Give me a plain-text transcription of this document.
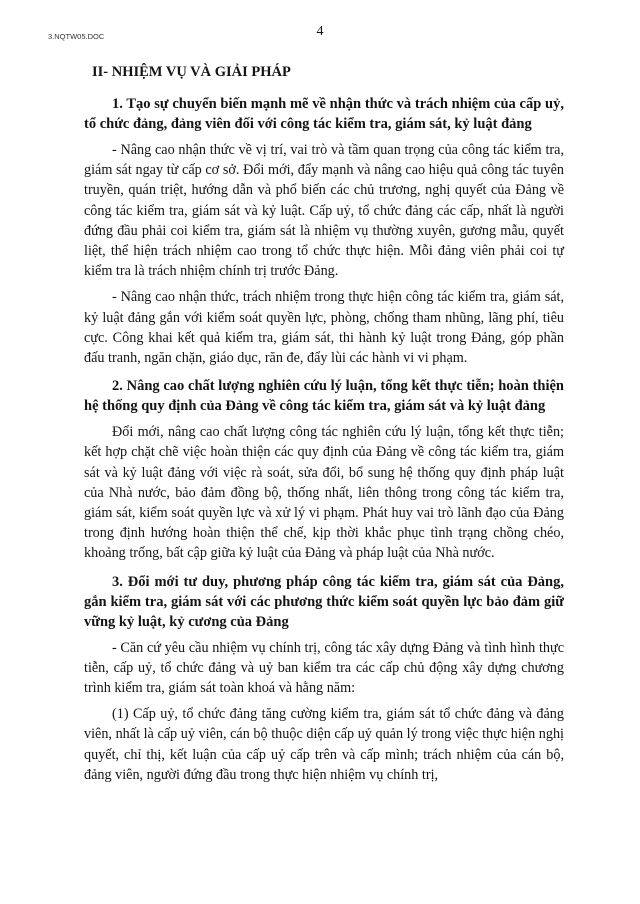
3.NQTW05.DOC	4
II- NHIỆM VỤ VÀ GIẢI PHÁP
1. Tạo sự chuyển biến mạnh mẽ về nhận thức và trách nhiệm của cấp uỷ, tổ chức đảng, đảng viên đối với công tác kiểm tra, giám sát, kỷ luật đảng
- Nâng cao nhận thức về vị trí, vai trò và tầm quan trọng của công tác kiểm tra, giám sát ngay từ cấp cơ sở. Đổi mới, đẩy mạnh và nâng cao hiệu quả công tác tuyên truyền, quán triệt, hướng dẫn và phổ biến các chủ trương, nghị quyết của Đảng về công tác kiểm tra, giám sát và kỷ luật. Cấp uỷ, tổ chức đảng các cấp, nhất là người đứng đầu phải coi kiểm tra, giám sát là nhiệm vụ thường xuyên, gương mẫu, quyết liệt, thể hiện trách nhiệm cao trong tổ chức thực hiện. Mỗi đảng viên phải coi tự kiểm tra là trách nhiệm chính trị trước Đảng.
- Nâng cao nhận thức, trách nhiệm trong thực hiện công tác kiểm tra, giám sát, kỷ luật đảng gắn với kiểm soát quyền lực, phòng, chống tham nhũng, lãng phí, tiêu cực. Công khai kết quả kiểm tra, giám sát, thi hành kỷ luật trong Đảng, góp phần đấu tranh, ngăn chặn, giáo dục, răn đe, đẩy lùi các hành vi vi phạm.
2. Nâng cao chất lượng nghiên cứu lý luận, tổng kết thực tiễn; hoàn thiện hệ thống quy định của Đảng về công tác kiểm tra, giám sát và kỷ luật đảng
Đổi mới, nâng cao chất lượng công tác nghiên cứu lý luận, tổng kết thực tiễn; kết hợp chặt chẽ việc hoàn thiện các quy định của Đảng về công tác kiểm tra, giám sát và kỷ luật đảng với việc rà soát, sửa đổi, bổ sung hệ thống quy định pháp luật của Nhà nước, bảo đảm đồng bộ, thống nhất, liên thông trong công tác kiểm tra, giám sát, kiểm soát quyền lực và xử lý vi phạm. Phát huy vai trò lãnh đạo của Đảng trong định hướng hoàn thiện thể chế, kịp thời khắc phục tình trạng chồng chéo, khoảng trống, bất cập giữa kỷ luật của Đảng và pháp luật của Nhà nước.
3. Đổi mới tư duy, phương pháp công tác kiểm tra, giám sát của Đảng, gắn kiểm tra, giám sát với các phương thức kiểm soát quyền lực bảo đảm giữ vững kỷ luật, kỷ cương của Đảng
- Căn cứ yêu cầu nhiệm vụ chính trị, công tác xây dựng Đảng và tình hình thực tiễn, cấp uỷ, tổ chức đảng và uỷ ban kiểm tra các cấp chủ động xây dựng chương trình kiểm tra, giám sát toàn khoá và hằng năm:
(1) Cấp uỷ, tổ chức đảng tăng cường kiểm tra, giám sát tổ chức đảng và đảng viên, nhất là cấp uỷ viên, cán bộ thuộc diện cấp uỷ quản lý trong việc thực hiện nghị quyết, chỉ thị, kết luận của cấp uỷ cấp trên và cấp mình; trách nhiệm của cán bộ, đảng viên, người đứng đầu trong thực hiện nhiệm vụ chính trị,
